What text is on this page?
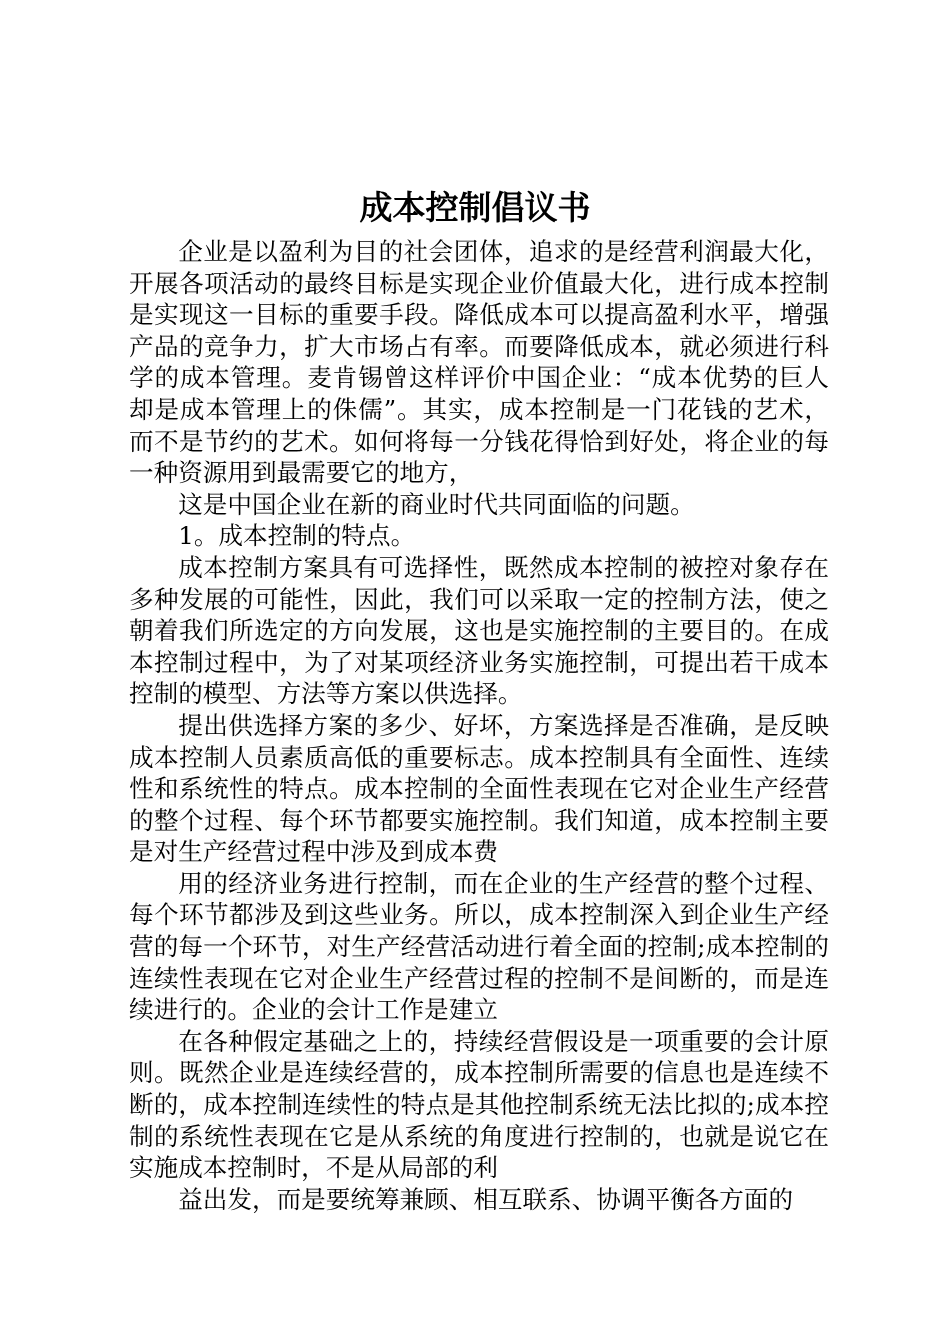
成本控制倡议书

企业是以盈利为目的社会团体，追求的是经营利润最大化，开展各项活动的最终目标是实现企业价值最大化，进行成本控制是实现这一目标的重要手段。降低成本可以提高盈利水平，增强产品的竞争力，扩大市场占有率。而要降低成本，就必须进行科学的成本管理。麦肯锡曾这样评价中国企业：“成本优势的巨人却是成本管理上的侏儒”。其实，成本控制是一门花钱的艺术，而不是节约的艺术。如何将每一分钱花得恰到好处，将企业的每一种资源用到最需要它的地方，

这是中国企业在新的商业时代共同面临的问题。

1。成本控制的特点。

成本控制方案具有可选择性，既然成本控制的被控对象存在多种发展的可能性，因此，我们可以采取一定的控制方法，使之朝着我们所选定的方向发展，这也是实施控制的主要目的。在成本控制过程中，为了对某项经济业务实施控制，可提出若干成本控制的模型、方法等方案以供选择。

提出供选择方案的多少、好坏，方案选择是否准确，是反映成本控制人员素质高低的重要标志。成本控制具有全面性、连续性和系统性的特点。成本控制的全面性表现在它对企业生产经营的整个过程、每个环节都要实施控制。我们知道，成本控制主要是对生产经营过程中涉及到成本费

用的经济业务进行控制，而在企业的生产经营的整个过程、每个环节都涉及到这些业务。所以，成本控制深入到企业生产经营的每一个环节，对生产经营活动进行着全面的控制;成本控制的连续性表现在它对企业生产经营过程的控制不是间断的，而是连续进行的。企业的会计工作是建立

在各种假定基础之上的，持续经营假设是一项重要的会计原则。既然企业是连续经营的，成本控制所需要的信息也是连续不断的，成本控制连续性的特点是其他控制系统无法比拟的;成本控制的系统性表现在它是从系统的角度进行控制的，也就是说它在实施成本控制时，不是从局部的利

益出发，而是要统筹兼顾、相互联系、协调平衡各方面的
